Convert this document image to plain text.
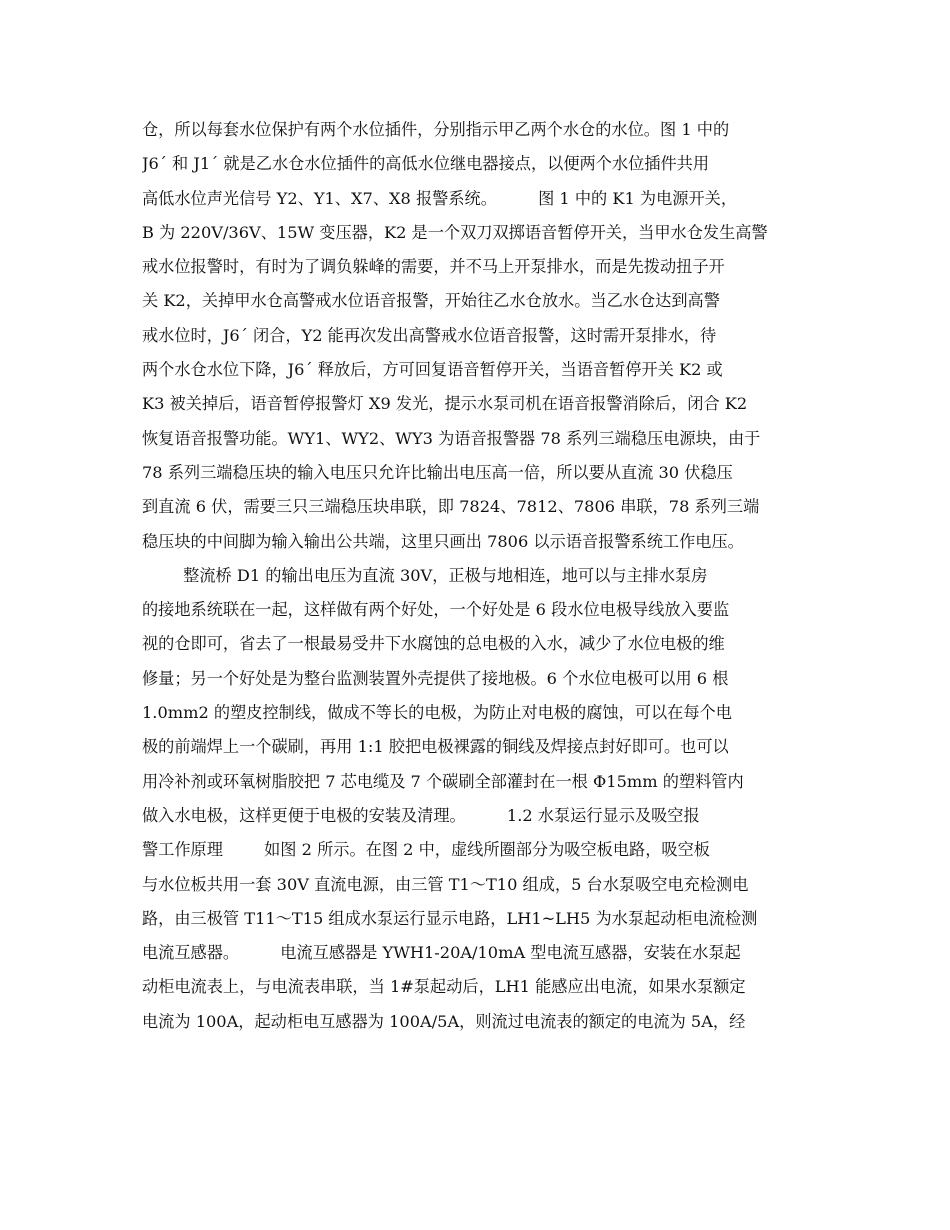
仓，所以每套水位保护有两个水位插件，分别指示甲乙两个水仓的水位。图 1 中的
J6´ 和 J1´ 就是乙水仓水位插件的高低水位继电器接点，以便两个水位插件共用
高低水位声光信号 Y2、Y1、X7、X8 报警系统。        图 1 中的 K1 为电源开关，
B 为 220V/36V、15W 变压器，K2 是一个双刀双掷语音暂停开关，当甲水仓发生高警
戒水位报警时，有时为了调负躲峰的需要，并不马上开泵排水，而是先拨动扭子开
关 K2，关掉甲水仓高警戒水位语音报警，开始往乙水仓放水。当乙水仓达到高警
戒水位时，J6´ 闭合，Y2 能再次发出高警戒水位语音报警，这时需开泵排水，待
两个水仓水位下降，J6´ 释放后，方可回复语音暂停开关，当语音暂停开关 K2 或
K3 被关掉后，语音暂停报警灯 X9 发光，提示水泵司机在语音报警消除后，闭合 K2
恢复语音报警功能。WY1、WY2、WY3 为语音报警器 78 系列三端稳压电源块，由于
78 系列三端稳压块的输入电压只允许比输出电压高一倍，所以要从直流 30 伏稳压
到直流 6 伏，需要三只三端稳压块串联，即 7824、7812、7806 串联，78 系列三端
稳压块的中间脚为输入输出公共端，这里只画出 7806 以示语音报警系统工作电压。
整流桥 D1 的输出电压为直流 30V，正极与地相连，地可以与主排水泵房
的接地系统联在一起，这样做有两个好处，一个好处是 6 段水位电极导线放入要监
视的仓即可，省去了一根最易受井下水腐蚀的总电极的入水，减少了水位电极的维
修量；另一个好处是为整台监测装置外壳提供了接地极。6 个水位电极可以用 6 根
1.0mm2 的塑皮控制线，做成不等长的电极，为防止对电极的腐蚀，可以在每个电
极的前端焊上一个碳刷，再用 1:1 胶把电极裸露的铜线及焊接点封好即可。也可以
用冷补剂或环氧树脂胶把 7 芯电缆及 7 个碳刷全部灌封在一根 Φ15mm 的塑料管内
做入水电极，这样更便于电极的安装及清理。        1.2 水泵运行显示及吸空报
警工作原理        如图 2 所示。在图 2 中，虚线所圈部分为吸空板电路，吸空板
与水位板共用一套 30V 直流电源，由三管 T1～T10 组成，5 台水泵吸空电充检测电
路，由三极管 T11～T15 组成水泵运行显示电路，LH1~LH5 为水泵起动柜电流检测
电流互感器。        电流互感器是 YWH1-20A/10mA 型电流互感器，安装在水泵起
动柜电流表上，与电流表串联，当 1#泵起动后，LH1 能感应出电流，如果水泵额定
电流为 100A，起动柜电互感器为 100A/5A，则流过电流表的额定的电流为 5A，经
